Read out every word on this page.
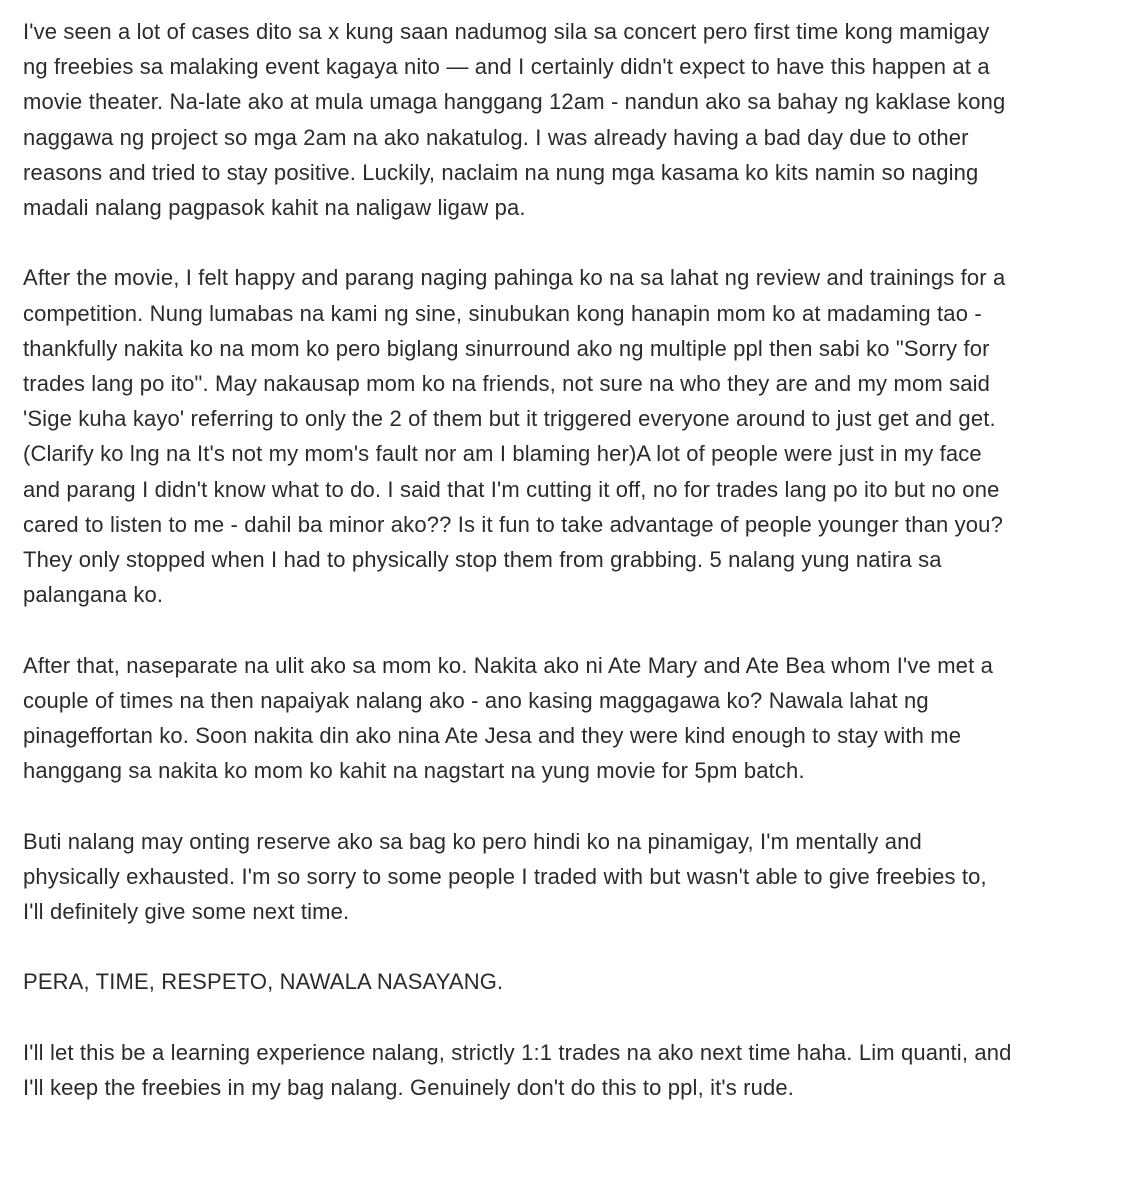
I've seen a lot of cases dito sa x kung saan nadumog sila sa concert pero first time kong mamigay
ng freebies sa malaking event kagaya nito — and I certainly didn't expect to have this happen at a
movie theater. Na-late ako at mula umaga hanggang 12am - nandun ako sa bahay ng kaklase kong
naggawa ng project so mga 2am na ako nakatulog. I was already having a bad day due to other
reasons and tried to stay positive. Luckily, naclaim na nung mga kasama ko kits namin so naging
madali nalang pagpasok kahit na naligaw ligaw pa.

After the movie, I felt happy and parang naging pahinga ko na sa lahat ng review and trainings for a
competition. Nung lumabas na kami ng sine, sinubukan kong hanapin mom ko at madaming tao -
thankfully nakita ko na mom ko pero biglang sinurround ako ng multiple ppl then sabi ko "Sorry for
trades lang po ito". May nakausap mom ko na friends, not sure na who they are and my mom said
'Sige kuha kayo' referring to only the 2 of them but it triggered everyone around to just get and get.
(Clarify ko lng na It's not my mom's fault nor am I blaming her)A lot of people were just in my face
and parang I didn't know what to do. I said that I'm cutting it off, no for trades lang po ito but no one
cared to listen to me - dahil ba minor ako?? Is it fun to take advantage of people younger than you?
They only stopped when I had to physically stop them from grabbing. 5 nalang yung natira sa
palangana ko.

After that, naseparate na ulit ako sa mom ko. Nakita ako ni Ate Mary and Ate Bea whom I've met a
couple of times na then napaiyak nalang ako - ano kasing maggagawa ko? Nawala lahat ng
pinageffortan ko. Soon nakita din ako nina Ate Jesa and they were kind enough to stay with me
hanggang sa nakita ko mom ko kahit na nagstart na yung movie for 5pm batch.

Buti nalang may onting reserve ako sa bag ko pero hindi ko na pinamigay, I'm mentally and
physically exhausted. I'm so sorry to some people I traded with but wasn't able to give freebies to,
I'll definitely give some next time.

PERA, TIME, RESPETO, NAWALA NASAYANG.

I'll let this be a learning experience nalang, strictly 1:1 trades na ako next time haha. Lim quanti, and
I'll keep the freebies in my bag nalang. Genuinely don't do this to ppl, it's rude.
